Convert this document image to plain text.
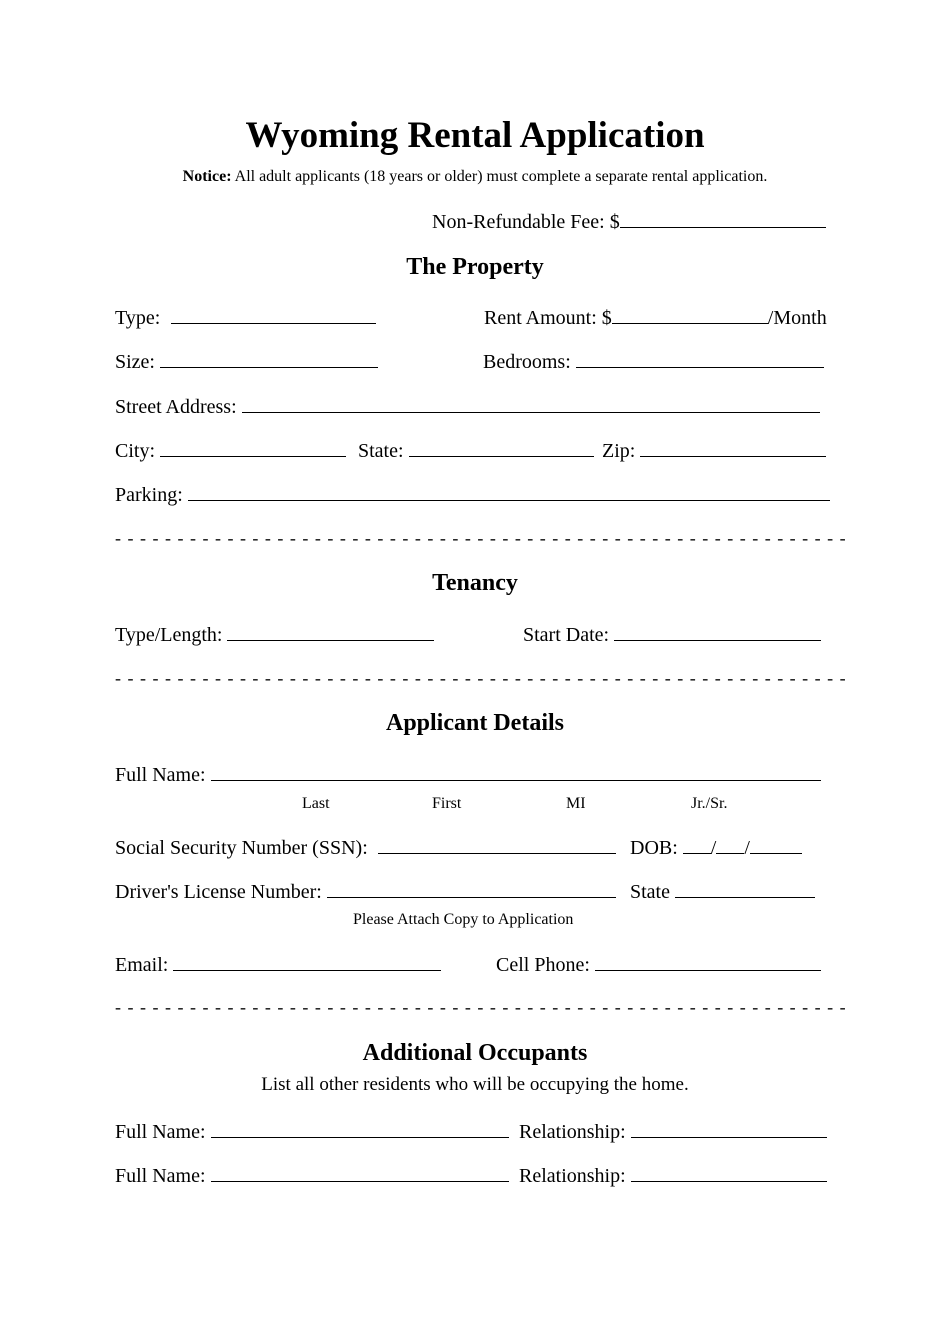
Wyoming Rental Application
Notice: All adult applicants (18 years or older) must complete a separate rental application.
Non-Refundable Fee: $
The Property
Type:	Rent Amount: $	/Month
Size:	Bedrooms:
Street Address:
City:	State:	Zip:
Parking:
- - - - - - - - - - - - - - - - - - - - - - - - - - - - - - - - - - - - - - - - - - - - - - - - - - - - - - - - - - -
Tenancy
Type/Length:	Start Date:
- - - - - - - - - - - - - - - - - - - - - - - - - - - - - - - - - - - - - - - - - - - - - - - - - - - - - - - - - - -
Applicant Details
Full Name:
Last	First	MI	Jr./Sr.
Social Security Number (SSN):	DOB: / /
Driver's License Number:	State
Please Attach Copy to Application
Email:	Cell Phone:
- - - - - - - - - - - - - - - - - - - - - - - - - - - - - - - - - - - - - - - - - - - - - - - - - - - - - - - - - - -
Additional Occupants
List all other residents who will be occupying the home.
Full Name:	Relationship:
Full Name:	Relationship:
